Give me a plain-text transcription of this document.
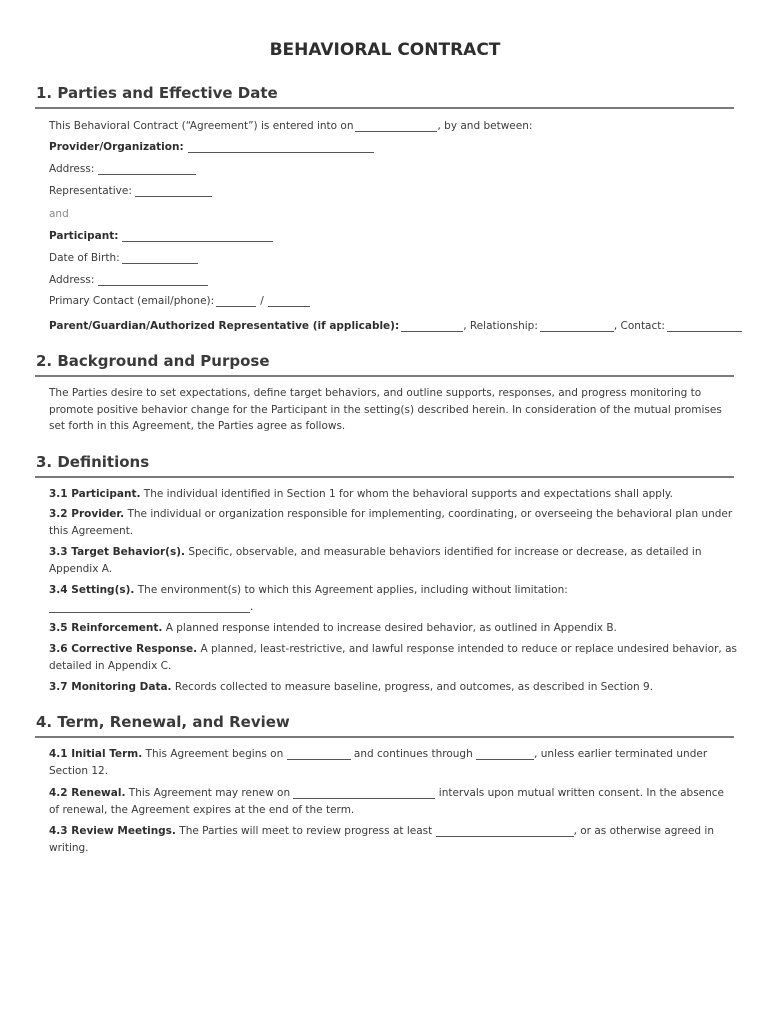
BEHAVIORAL CONTRACT
1. Parties and Effective Date
This Behavioral Contract (“Agreement”) is entered into on	, by and between:
Provider/Organization:
Address:
Representative:
and
Participant:
Date of Birth:
Address:
Primary Contact (email/phone):	/
Parent/Guardian/Authorized Representative (if applicable):	, Relationship:	, Contact:
2. Background and Purpose
The Parties desire to set expectations, define target behaviors, and outline supports, responses, and progress monitoring to promote positive behavior change for the Participant in the setting(s) described herein. In consideration of the mutual promises set forth in this Agreement, the Parties agree as follows.
3. Definitions
3.1 Participant. The individual identified in Section 1 for whom the behavioral supports and expectations shall apply.
3.2 Provider. The individual or organization responsible for implementing, coordinating, or overseeing the behavioral plan under this Agreement.
3.3 Target Behavior(s). Specific, observable, and measurable behaviors identified for increase or decrease, as detailed in Appendix A.
3.4 Setting(s). The environment(s) to which this Agreement applies, including without limitation:
.
3.5 Reinforcement. A planned response intended to increase desired behavior, as outlined in Appendix B.
3.6 Corrective Response. A planned, least-restrictive, and lawful response intended to reduce or replace undesired behavior, as detailed in Appendix C.
3.7 Monitoring Data. Records collected to measure baseline, progress, and outcomes, as described in Section 9.
4. Term, Renewal, and Review
4.1 Initial Term. This Agreement begins on	and continues through	, unless earlier terminated under Section 12.
4.2 Renewal. This Agreement may renew on	intervals upon mutual written consent. In the absence of renewal, the Agreement expires at the end of the term.
4.3 Review Meetings. The Parties will meet to review progress at least	, or as otherwise agreed in writing.
